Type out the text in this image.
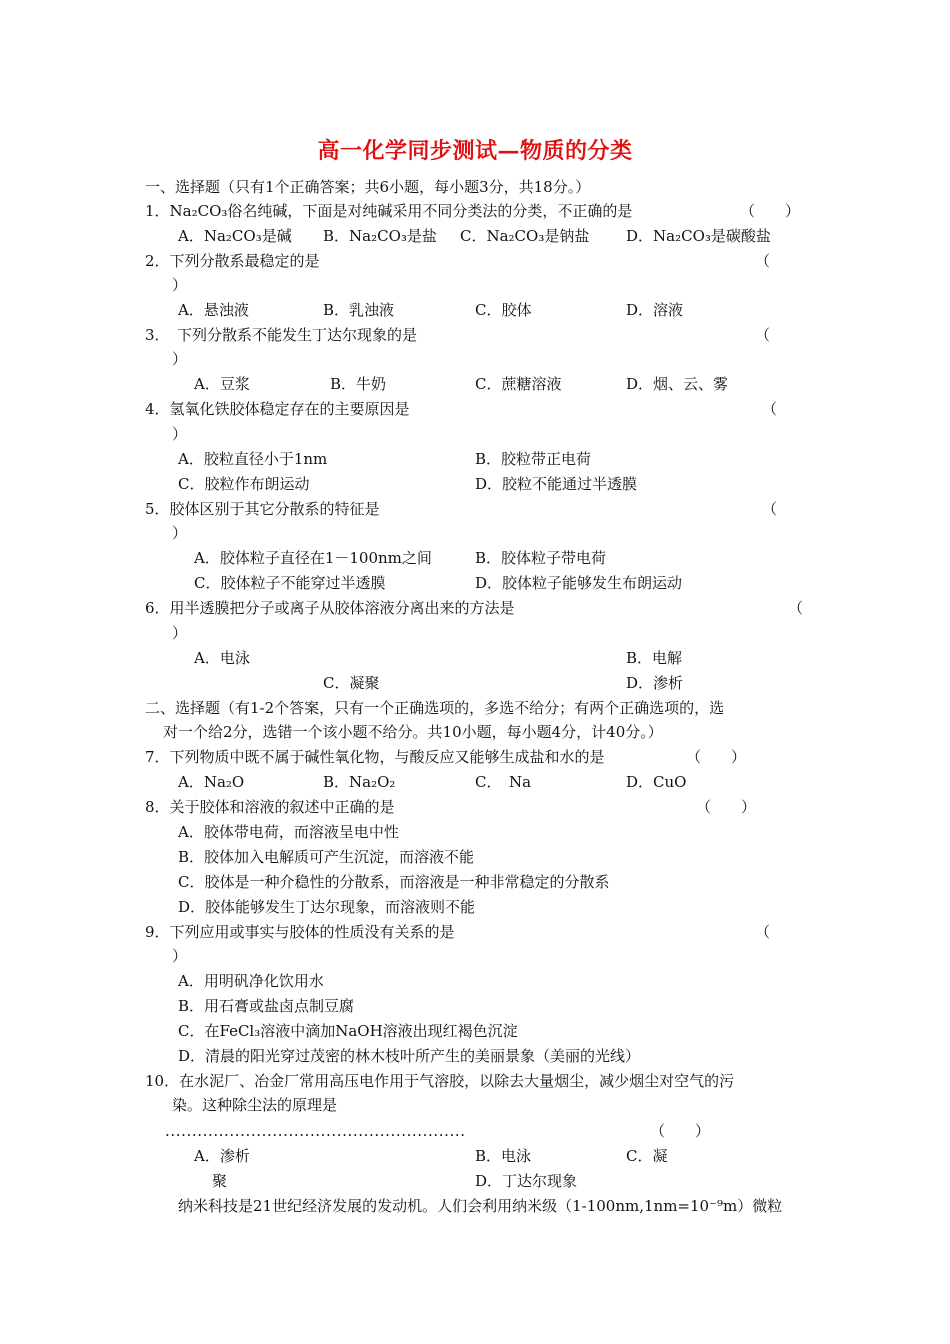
高一化学同步测试—物质的分类
一、选择题（只有1个正确答案；共6小题，每小题3分，共18分。）
1．Na₂CO₃俗名纯碱，下面是对纯碱采用不同分类法的分类，不正确的是	（　　）
A．Na₂CO₃是碱 B．Na₂CO₃是盐 C．Na₂CO₃是钠盐 D．Na₂CO₃是碳酸盐
2．下列分散系最稳定的是	（
）
A．悬浊液	B．乳浊液	C．胶体	D．溶液
3．　下列分散系不能发生丁达尔现象的是	（
）
A．豆浆	B．牛奶	C．蔗糖溶液	D．烟、云、雾
4．氢氧化铁胶体稳定存在的主要原因是	（
）
A．胶粒直径小于1nm	B．胶粒带正电荷
C．胶粒作布朗运动	D．胶粒不能通过半透膜
5．胶体区别于其它分散系的特征是	（
）
A．胶体粒子直径在1－100nm之间	B．胶体粒子带电荷
C．胶体粒子不能穿过半透膜	D．胶体粒子能够发生布朗运动
6．用半透膜把分子或离子从胶体溶液分离出来的方法是	（
）
A．电泳	B．电解
C．凝聚	D．渗析
二、选择题（有1-2个答案，只有一个正确选项的，多选不给分；有两个正确选项的，选
对一个给2分，选错一个该小题不给分。共10小题，每小题4分，计40分。）
7．下列物质中既不属于碱性氧化物，与酸反应又能够生成盐和水的是	（　　）
A．Na₂O	B．Na₂O₂	C．　Na	D．CuO
8．关于胶体和溶液的叙述中正确的是	（　　）
A．胶体带电荷，而溶液呈电中性
B．胶体加入电解质可产生沉淀，而溶液不能
C．胶体是一种介稳性的分散系，而溶液是一种非常稳定的分散系
D．胶体能够发生丁达尔现象，而溶液则不能
9．下列应用或事实与胶体的性质没有关系的是	（
）
A．用明矾净化饮用水
B．用石膏或盐卤点制豆腐
C．在FeCl₃溶液中滴加NaOH溶液出现红褐色沉淀
D．清晨的阳光穿过茂密的林木枝叶所产生的美丽景象（美丽的光线）
10．在水泥厂、冶金厂常用高压电作用于气溶胶，以除去大量烟尘，减少烟尘对空气的污
染。这种除尘法的原理是
........................................................	（　　）
A．渗析	B．电泳	C．凝
聚	D．丁达尔现象
纳米科技是21世纪经济发展的发动机。人们会利用纳米级（1-100nm,1nm=10⁻⁹m）微粒
